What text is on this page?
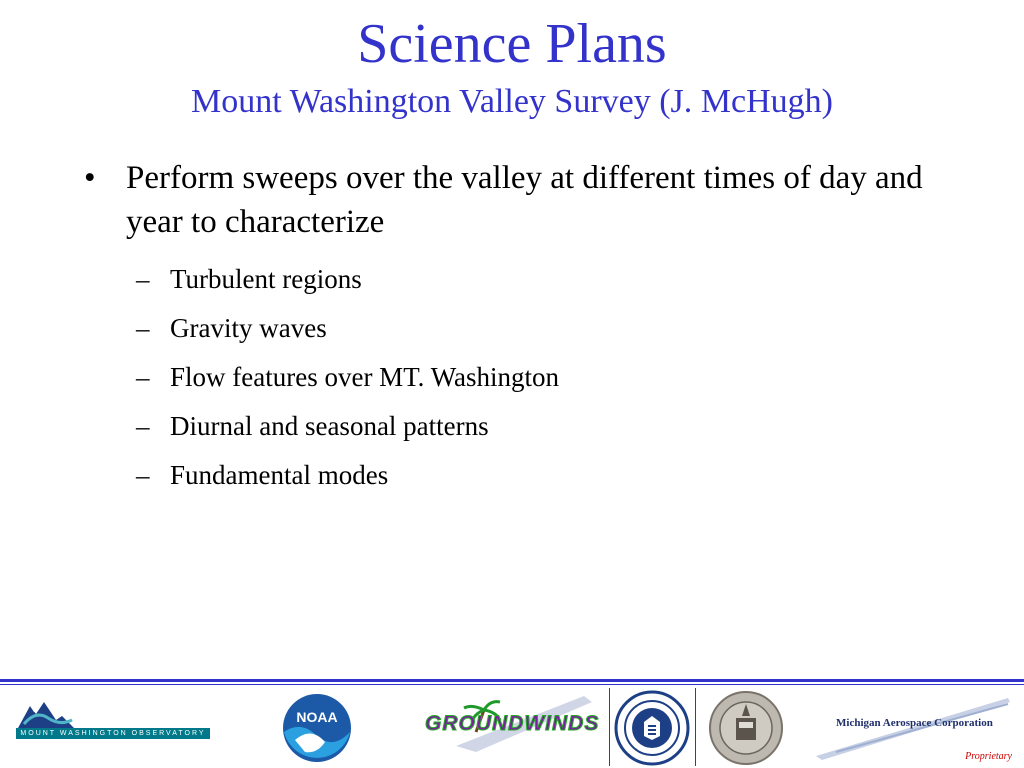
Science Plans
Mount Washington Valley Survey (J. McHugh)
• Perform sweeps over the valley at different times of day and year to characterize
– Turbulent regions
– Gravity waves
– Flow features over MT. Washington
– Diurnal and seasonal patterns
– Fundamental modes
MOUNT WASHINGTON OBSERVATORY
NOAA	GROUNDWINDS	Michigan Aerospace Corporation
Proprietary
